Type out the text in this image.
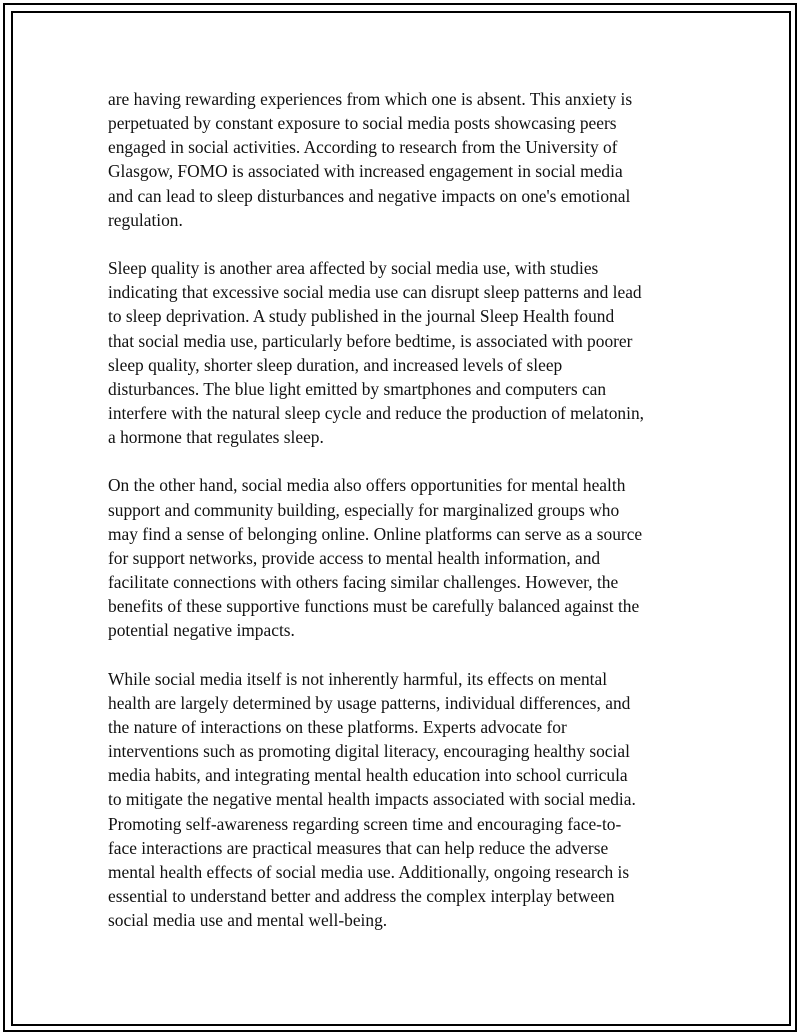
are having rewarding experiences from which one is absent. This anxiety is
perpetuated by constant exposure to social media posts showcasing peers
engaged in social activities. According to research from the University of
Glasgow, FOMO is associated with increased engagement in social media
and can lead to sleep disturbances and negative impacts on one's emotional
regulation.

Sleep quality is another area affected by social media use, with studies
indicating that excessive social media use can disrupt sleep patterns and lead
to sleep deprivation. A study published in the journal Sleep Health found
that social media use, particularly before bedtime, is associated with poorer
sleep quality, shorter sleep duration, and increased levels of sleep
disturbances. The blue light emitted by smartphones and computers can
interfere with the natural sleep cycle and reduce the production of melatonin,
a hormone that regulates sleep.

On the other hand, social media also offers opportunities for mental health
support and community building, especially for marginalized groups who
may find a sense of belonging online. Online platforms can serve as a source
for support networks, provide access to mental health information, and
facilitate connections with others facing similar challenges. However, the
benefits of these supportive functions must be carefully balanced against the
potential negative impacts.

While social media itself is not inherently harmful, its effects on mental
health are largely determined by usage patterns, individual differences, and
the nature of interactions on these platforms. Experts advocate for
interventions such as promoting digital literacy, encouraging healthy social
media habits, and integrating mental health education into school curricula
to mitigate the negative mental health impacts associated with social media.
Promoting self-awareness regarding screen time and encouraging face-to-
face interactions are practical measures that can help reduce the adverse
mental health effects of social media use. Additionally, ongoing research is
essential to understand better and address the complex interplay between
social media use and mental well-being.
